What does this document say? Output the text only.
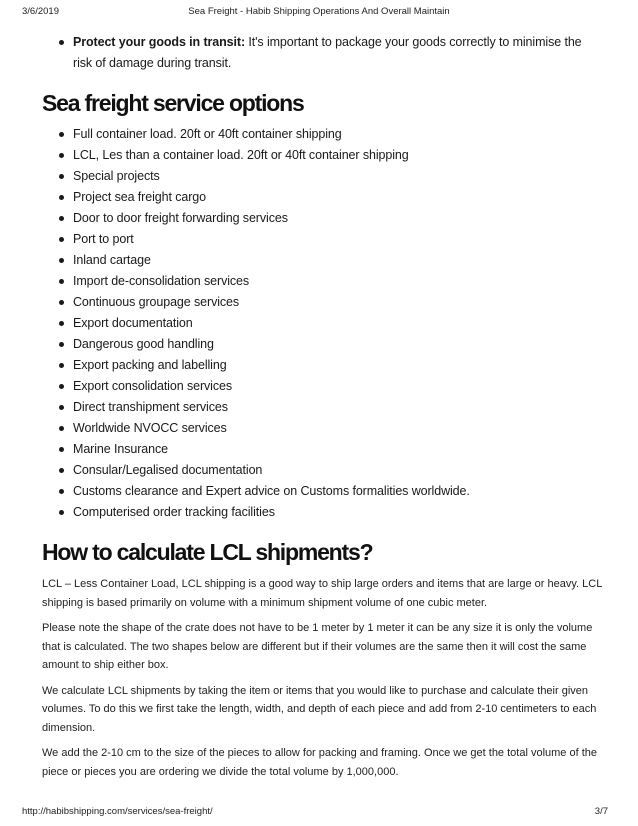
3/6/2019	Sea Freight - Habib Shipping Operations And Overall Maintain
Protect your goods in transit: It's important to package your goods correctly to minimise the risk of damage during transit.
Sea freight service options
Full container load. 20ft or 40ft container shipping
LCL, Les than a container load. 20ft or 40ft container shipping
Special projects
Project sea freight cargo
Door to door freight forwarding services
Port to port
Inland cartage
Import de-consolidation services
Continuous groupage services
Export documentation
Dangerous good handling
Export packing and labelling
Export consolidation services
Direct transhipment services
Worldwide NVOCC services
Marine Insurance
Consular/Legalised documentation
Customs clearance and Expert advice on Customs formalities worldwide.
Computerised order tracking facilities
How to calculate LCL shipments?

LCL – Less Container Load, LCL shipping is a good way to ship large orders and items that are large or heavy. LCL shipping is based primarily on volume with a minimum shipment volume of one cubic meter.

Please note the shape of the crate does not have to be 1 meter by 1 meter it can be any size it is only the volume that is calculated. The two shapes below are different but if their volumes are the same then it will cost the same amount to ship either box.

We calculate LCL shipments by taking the item or items that you would like to purchase and calculate their given volumes. To do this we first take the length, width, and depth of each piece and add from 2-10 centimeters to each dimension.

We add the 2-10 cm to the size of the pieces to allow for packing and framing. Once we get the total volume of the piece or pieces you are ordering we divide the total volume by 1,000,000.

http://habibshipping.com/services/sea-freight/	3/7
